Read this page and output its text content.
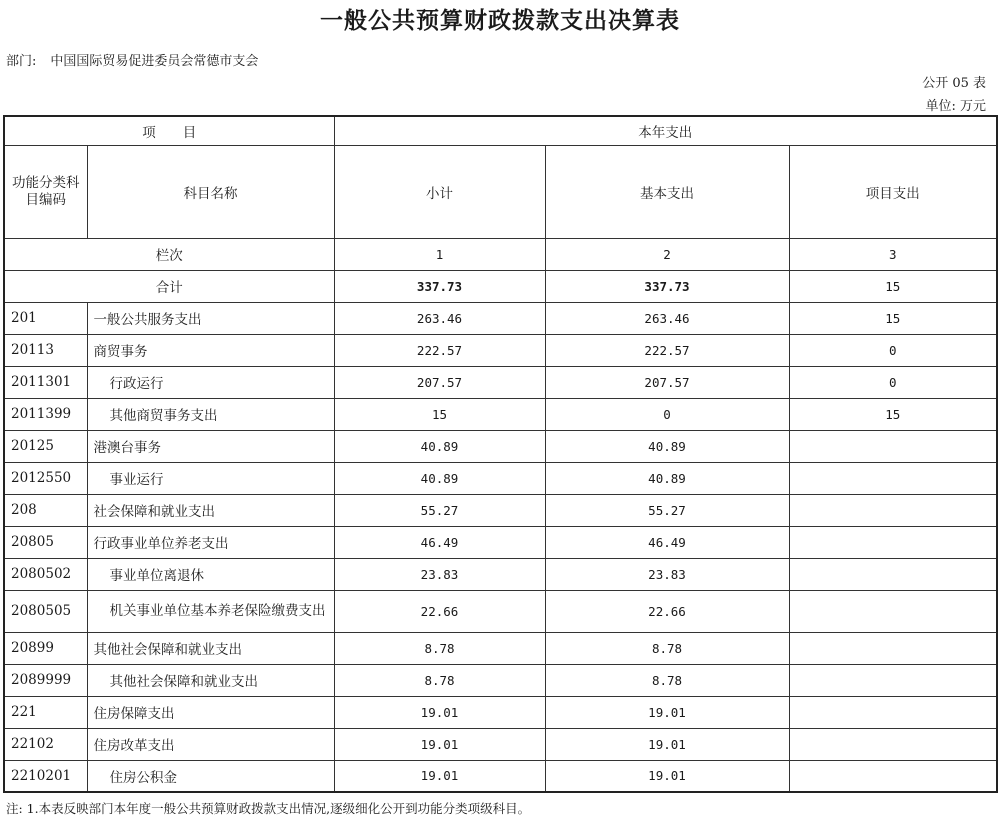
一般公共预算财政拨款支出决算表
部门: 中国国际贸易促进委员会常德市支会
公开 05 表
单位: 万元
项　　目		本年支出		
功能分类科目编码	科目名称	小计	基本支出	项目支出
栏次		1	2	3
合计		337.73	337.73	15
201	一般公共服务支出	263.46	263.46	15
20113	商贸事务	222.57	222.57	0
2011301	行政运行	207.57	207.57	0
2011399	其他商贸事务支出	15	0	15
20125	港澳台事务	40.89	40.89	
2012550	事业运行	40.89	40.89	
208	社会保障和就业支出	55.27	55.27	
20805	行政事业单位养老支出	46.49	46.49	
2080502	事业单位离退休	23.83	23.83	
2080505	机关事业单位基本养老保险缴费支出	22.66	22.66	
20899	其他社会保障和就业支出	8.78	8.78	
2089999	其他社会保障和就业支出	8.78	8.78	
221	住房保障支出	19.01	19.01	
22102	住房改革支出	19.01	19.01	
2210201	住房公积金	19.01	19.01	
注: 1.本表反映部门本年度一般公共预算财政拨款支出情况,逐级细化公开到功能分类项级科目。
